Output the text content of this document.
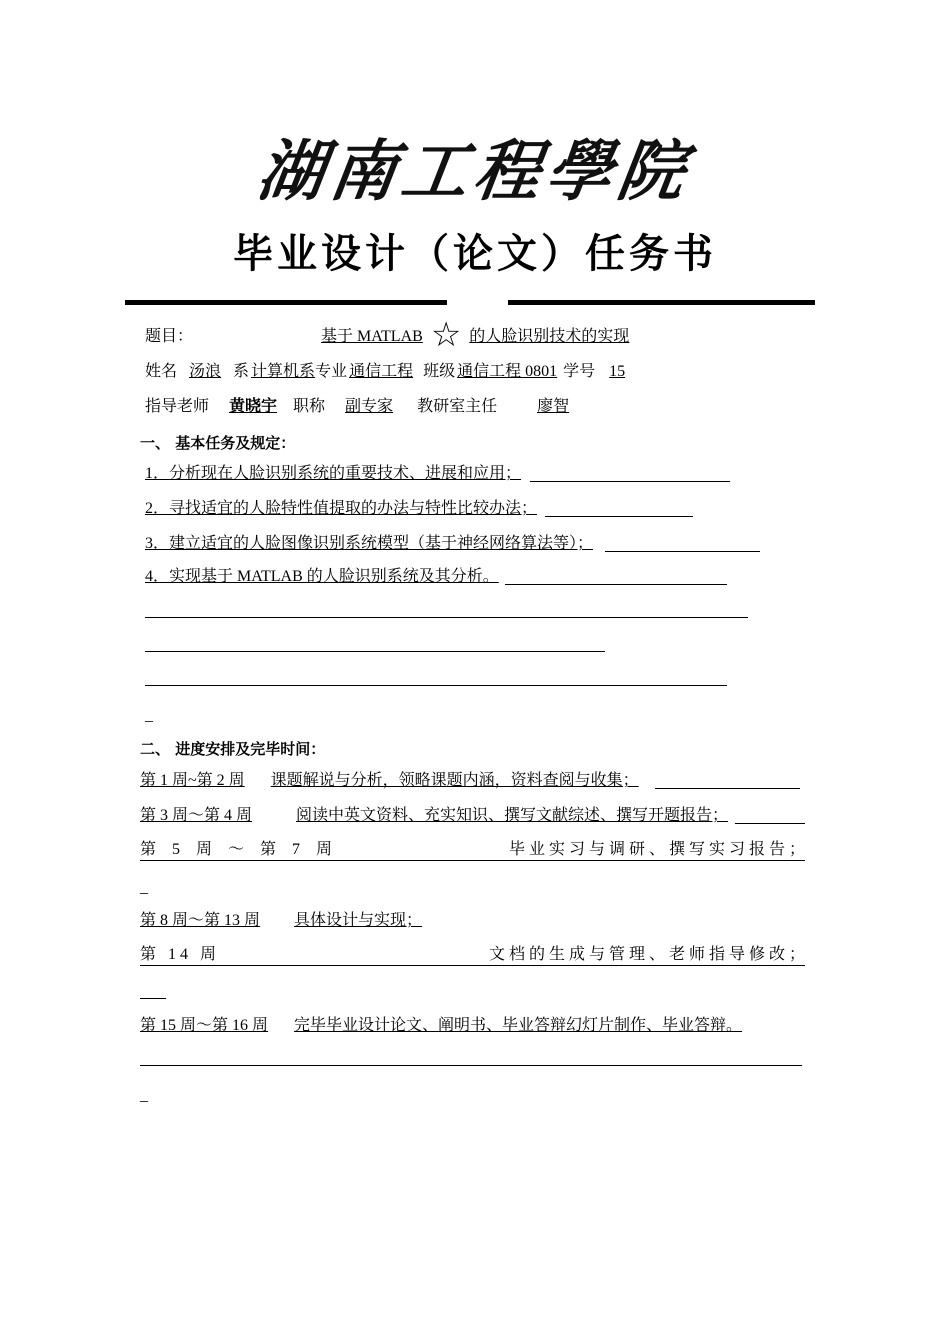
湖南工程學院
毕业设计（论文）任务书
题目：	基于 MATLAB ☆ 的人脸识别技术的实现
姓名 汤浪 系 计算机系专业 通信工程 班级 通信工程 0801 学号 15
指导老师 黄晓宇 职称 副专家 教研室主任	廖智
一、 基本任务及规定：
1．分析现在人脸识别系统的重要技术、进展和应用；
2．寻找适宜的人脸特性值提取的办法与特性比较办法；
3．建立适宜的人脸图像识别系统模型（基于神经网络算法等）；
4．实现基于 MATLAB 的人脸识别系统及其分析。
_
二、 进度安排及完毕时间：
第 1 周~第 2 周 课题解说与分析，领略课题内涵，资料查阅与收集；
第 3 周～第 4 周	阅读中英文资料、充实知识、撰写文献综述、撰写开题报告；
第 5 周 ～ 第 7 周	毕 业 实 习 与 调 研 、 撰 写 实 习 报 告 ；
_
第 8 周～第 13 周 具体设计与实现；
第 14 周	文 档 的 生 成 与 管 理 、 老 师 指 导 修 改 ；
第 15 周～第 16 周 完毕毕业设计论文、阐明书、毕业答辩幻灯片制作、毕业答辩。
_
